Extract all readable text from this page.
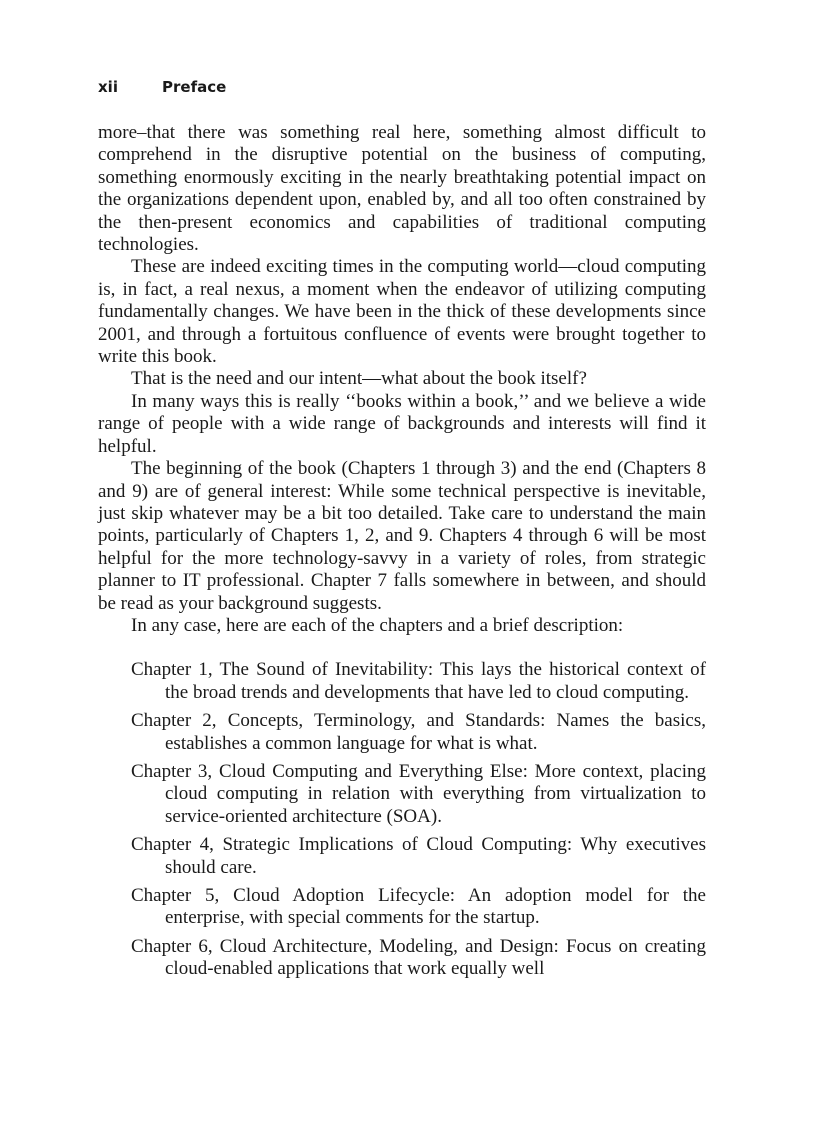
xii	Preface

more–that there was something real here, something almost difficult to comprehend in the disruptive potential on the business of computing, something enormously exciting in the nearly breathtaking potential impact on the organizations dependent upon, enabled by, and all too often constrained by the then-present economics and capabilities of traditional computing technologies.

These are indeed exciting times in the computing world—cloud computing is, in fact, a real nexus, a moment when the endeavor of utilizing computing fundamentally changes. We have been in the thick of these developments since 2001, and through a fortuitous confluence of events were brought together to write this book.

That is the need and our intent—what about the book itself?

In many ways this is really ‘‘books within a book,’’ and we believe a wide range of people with a wide range of backgrounds and interests will find it helpful.

The beginning of the book (Chapters 1 through 3) and the end (Chapters 8 and 9) are of general interest: While some technical perspective is inevitable, just skip whatever may be a bit too detailed. Take care to understand the main points, particularly of Chapters 1, 2, and 9. Chapters 4 through 6 will be most helpful for the more technology-savvy in a variety of roles, from strategic planner to IT professional. Chapter 7 falls somewhere in between, and should be read as your background suggests.

In any case, here are each of the chapters and a brief description:

Chapter 1, The Sound of Inevitability: This lays the historical context of the broad trends and developments that have led to cloud computing.
Chapter 2, Concepts, Terminology, and Standards: Names the basics, establishes a common language for what is what.
Chapter 3, Cloud Computing and Everything Else: More context, placing cloud computing in relation with everything from virtualization to service-oriented architecture (SOA).
Chapter 4, Strategic Implications of Cloud Computing: Why executives should care.
Chapter 5, Cloud Adoption Lifecycle: An adoption model for the enterprise, with special comments for the startup.
Chapter 6, Cloud Architecture, Modeling, and Design: Focus on creating cloud-enabled applications that work equally well
